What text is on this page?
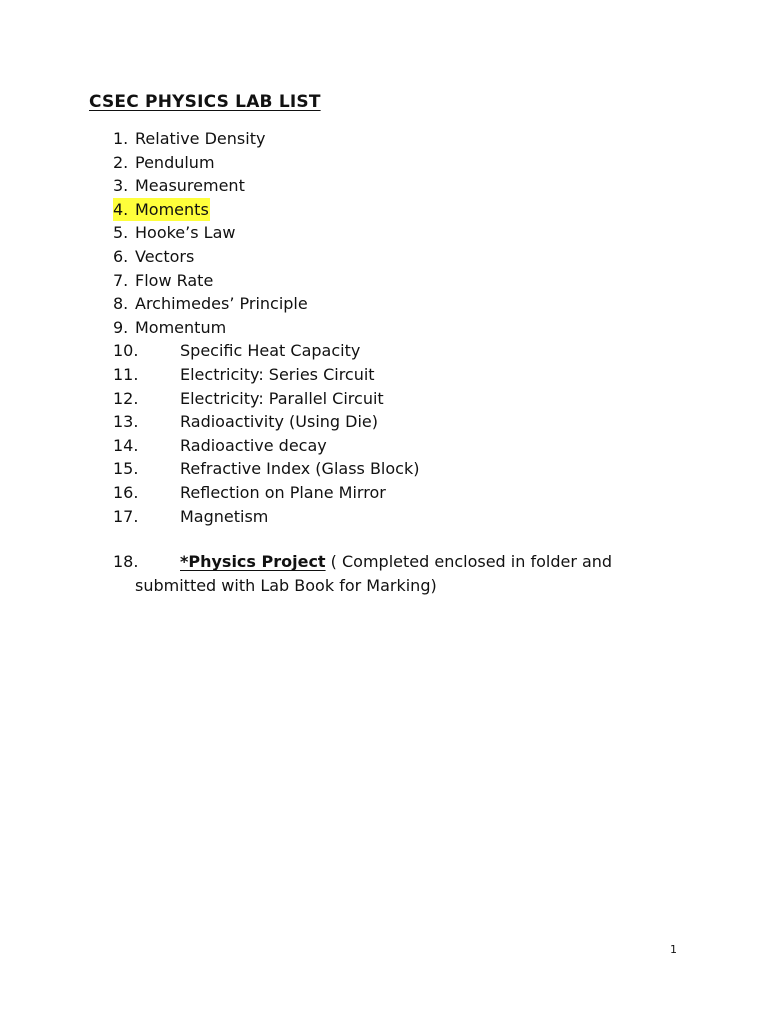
CSEC PHYSICS LAB LIST
1. Relative Density
2. Pendulum
3. Measurement
4. Moments
5. Hooke’s Law
6. Vectors
7. Flow Rate
8. Archimedes’ Principle
9. Momentum
10.	Specific Heat Capacity
11.	Electricity: Series Circuit
12.	Electricity: Parallel Circuit
13.	Radioactivity (Using Die)
14.	Radioactive decay
15.	Refractive Index (Glass Block)
16.	Reflection on Plane Mirror
17.	Magnetism
18.	*Physics Project ( Completed enclosed in folder and
submitted with Lab Book for Marking)
1
